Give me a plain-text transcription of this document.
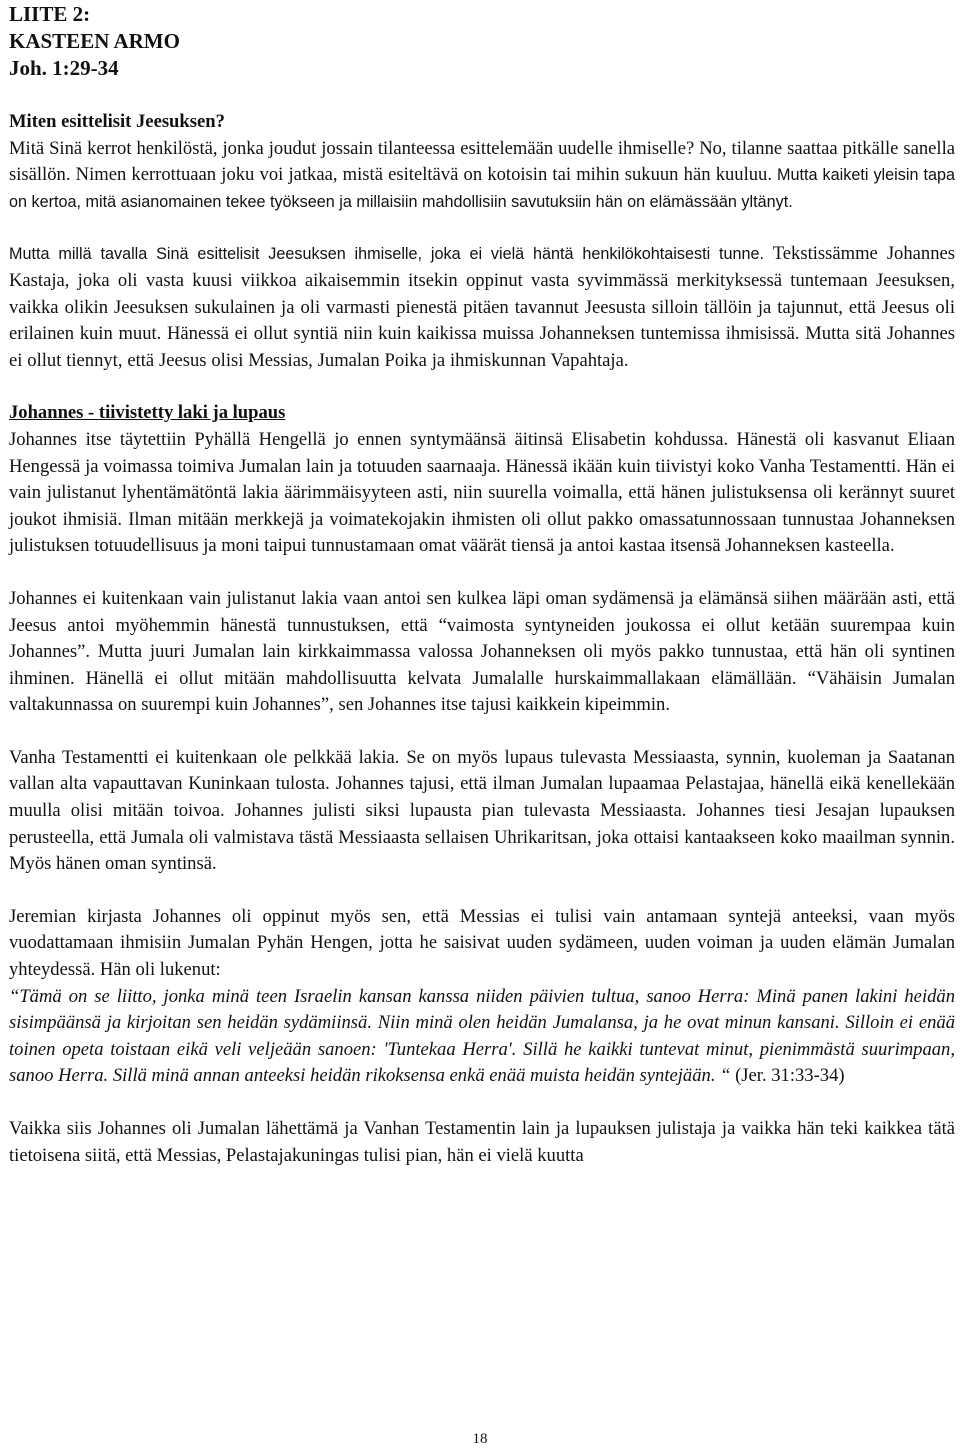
LIITE 2:

KASTEEN ARMO

Joh. 1:29-34

Miten esittelisit Jeesuksen?

Mitä Sinä kerrot henkilöstä, jonka joudut jossain tilanteessa esittelemään uudelle ihmiselle? No, tilanne saattaa pitkälle sanella sisällön. Nimen kerrottuaan joku voi jatkaa, mistä esiteltävä on kotoisin tai mihin sukuun hän kuuluu. Mutta kaiketi yleisin tapa on kertoa, mitä asianomainen tekee työkseen ja millaisiin mahdollisiin savutuksiin hän on elämässään yltänyt.

Mutta millä tavalla Sinä esittelisit Jeesuksen ihmiselle, joka ei vielä häntä henkilökohtaisesti tunne. Tekstissämme Johannes Kastaja, joka oli vasta kuusi viikkoa aikaisemmin itsekin oppinut vasta syvimmässä merkityksessä tuntemaan Jeesuksen, vaikka olikin Jeesuksen sukulainen ja oli varmasti pienestä pitäen tavannut Jeesusta silloin tällöin ja tajunnut, että Jeesus oli erilainen kuin muut. Hänessä ei ollut syntiä niin kuin kaikissa muissa Johanneksen tuntemissa ihmisissä. Mutta sitä Johannes ei ollut tiennyt, että Jeesus olisi Messias, Jumalan Poika ja ihmiskunnan Vapahtaja.

Johannes - tiivistetty laki ja lupaus

Johannes itse täytettiin Pyhällä Hengellä jo ennen syntymäänsä äitinsä Elisabetin kohdussa. Hänestä oli kasvanut Eliaan Hengessä ja voimassa toimiva Jumalan lain ja totuuden saarnaaja. Hänessä ikään kuin tiivistyi koko Vanha Testamentti. Hän ei vain julistanut lyhentämätöntä lakia äärimmäisyyteen asti, niin suurella voimalla, että hänen julistuksensa oli kerännyt suuret joukot ihmisiä. Ilman mitään merkkejä ja voimatekojakin ihmisten oli ollut pakko omassatunnossaan tunnustaa Johanneksen julistuksen totuudellisuus ja moni taipui tunnustamaan omat väärät tiensä ja antoi kastaa itsensä Johanneksen kasteella.

Johannes ei kuitenkaan vain julistanut lakia vaan antoi sen kulkea läpi oman sydämensä ja elämänsä siihen määrään asti, että Jeesus antoi myöhemmin hänestä tunnustuksen, että “vaimosta syntyneiden joukossa ei ollut ketään suurempaa kuin Johannes”. Mutta juuri Jumalan lain kirkkaimmassa valossa Johanneksen oli myös pakko tunnustaa, että hän oli syntinen ihminen. Hänellä ei ollut mitään mahdollisuutta kelvata Jumalalle hurskaimmallakaan elämällään. “Vähäisin Jumalan valtakunnassa on suurempi kuin Johannes”, sen Johannes itse tajusi kaikkein kipeimmin.

Vanha Testamentti ei kuitenkaan ole pelkkää lakia. Se on myös lupaus tulevasta Messiaasta, synnin, kuoleman ja Saatanan vallan alta vapauttavan Kuninkaan tulosta. Johannes tajusi, että ilman Jumalan lupaamaa Pelastajaa, hänellä eikä kenellekään muulla olisi mitään toivoa. Johannes julisti siksi lupausta pian tulevasta Messiaasta. Johannes tiesi Jesajan lupauksen perusteella, että Jumala oli valmistava tästä Messiaasta sellaisen Uhrikaritsan, joka ottaisi kantaakseen koko maailman synnin. Myös hänen oman syntinsä.

Jeremian kirjasta Johannes oli oppinut myös sen, että Messias ei tulisi vain antamaan syntejä anteeksi, vaan myös vuodattamaan ihmisiin Jumalan Pyhän Hengen, jotta he saisivat uuden sydämeen, uuden voiman ja uuden elämän Jumalan yhteydessä. Hän oli lukenut:

“Tämä on se liitto, jonka minä teen Israelin kansan kanssa niiden päivien tultua, sanoo Herra: Minä panen lakini heidän sisimpäänsä ja kirjoitan sen heidän sydämiinsä. Niin minä olen heidän Jumalansa, ja he ovat minun kansani. Silloin ei enää toinen opeta toistaan eikä veli veljeään sanoen: 'Tuntekaa Herra'. Sillä he kaikki tuntevat minut, pienimmästä suurimpaan, sanoo Herra. Sillä minä annan anteeksi heidän rikoksensa enkä enää muista heidän syntejään. “ (Jer. 31:33-34)

Vaikka siis Johannes oli Jumalan lähettämä ja Vanhan Testamentin lain ja lupauksen julistaja ja vaikka hän teki kaikkea tätä tietoisena siitä, että Messias, Pelastajakuningas tulisi pian, hän ei vielä kuutta

18
